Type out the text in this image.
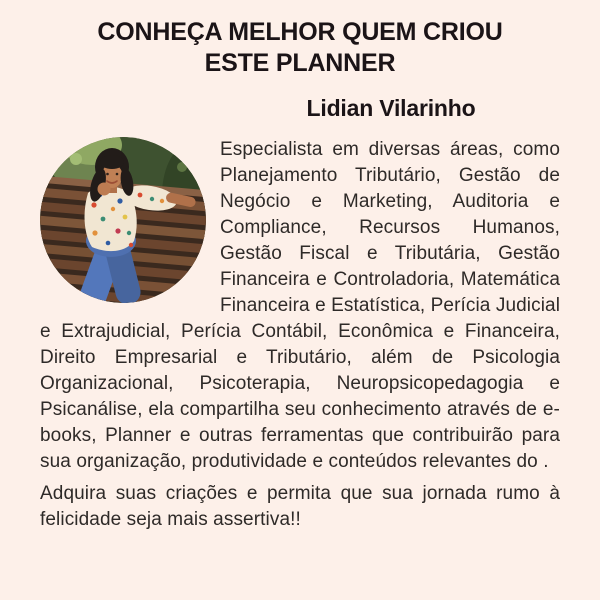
CONHEÇA MELHOR QUEM CRIOU
ESTE PLANNER
Lidian Vilarinho

Especialista em diversas áreas, como Planejamento Tributário, Gestão de Negócio e Marketing, Auditoria e Compliance, Recursos Humanos, Gestão Fiscal e Tributária, Gestão Financeira e Controladoria, Matemática Financeira e Estatística, Perícia Judicial e Extrajudicial, Perícia Contábil, Econômica e Financeira, Direito Empresarial e Tributário, além de Psicologia Organizacional, Psicoterapia, Neuropsicopedagogia e Psicanálise, ela compartilha seu conhecimento através de e-books, Planner e outras ferramentas que contribuirão para sua organização, produtividade e conteúdos relevantes do .

Adquira suas criações e permita que sua jornada rumo à felicidade seja mais assertiva!!
